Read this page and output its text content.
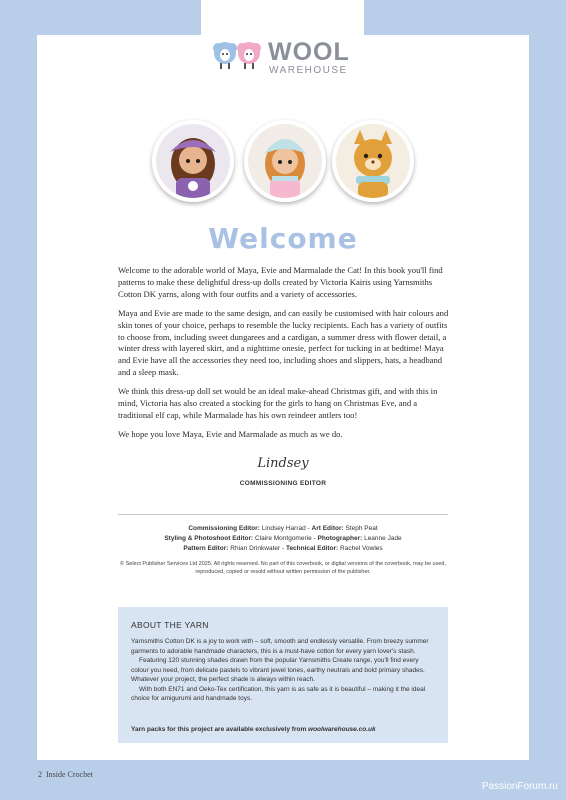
WOOL
WAREHOUSE
Welcome

Welcome to the adorable world of Maya, Evie and Marmalade the Cat! In this book you'll find patterns to make these delightful dress-up dolls created by Victoria Kairis using Yarnsmiths Cotton DK yarns, along with four outfits and a variety of accessories.

Maya and Evie are made to the same design, and can easily be customised with hair colours and skin tones of your choice, perhaps to resemble the lucky recipients. Each has a variety of outfits to choose from, including sweet dungarees and a cardigan, a summer dress with flower detail, a winter dress with layered skirt, and a nighttime onesie, perfect for tucking in at bedtime! Maya and Evie have all the accessories they need too, including shoes and slippers, hats, a headband and a sleep mask.

We think this dress-up doll set would be an ideal make-ahead Christmas gift, and with this in mind, Victoria has also created a stocking for the girls to hang on Christmas Eve, and a traditional elf cap, while Marmalade has his own reindeer antlers too!

We hope you love Maya, Evie and Marmalade as much as we do.

Lindsey
COMMISSIONING EDITOR
Commissioning Editor: Lindsey Harrad - Art Editor: Steph Peat
Styling & Photoshoot Editor: Claire Montgomerie - Photographer: Leanne Jade
Pattern Editor: Rhian Drinkwater - Technical Editor: Rachel Vowles
© Select Publisher Services Ltd 2025. All rights reserved. No part of this coverbook, or digital versions of the coverbook, may be used, reproduced, copied or resold without written permission of the publisher.
ABOUT THE YARN

Yarnsmiths Cotton DK is a joy to work with – soft, smooth and endlessly versatile. From breezy summer garments to adorable handmade characters, this is a must-have cotton for every yarn lover's stash.

Featuring 120 stunning shades drawn from the popular Yarnsmiths Create range, you'll find every colour you need, from delicate pastels to vibrant jewel tones, earthy neutrals and bold primary shades. Whatever your project, the perfect shade is always within reach.

With both EN71 and Oeko-Tex certification, this yarn is as safe as it is beautiful – making it the ideal choice for amigurumi and handmade toys.

Yarn packs for this project are available exclusively from woolwarehouse.co.uk
2 Inside Crochet
PassionForum.ru
